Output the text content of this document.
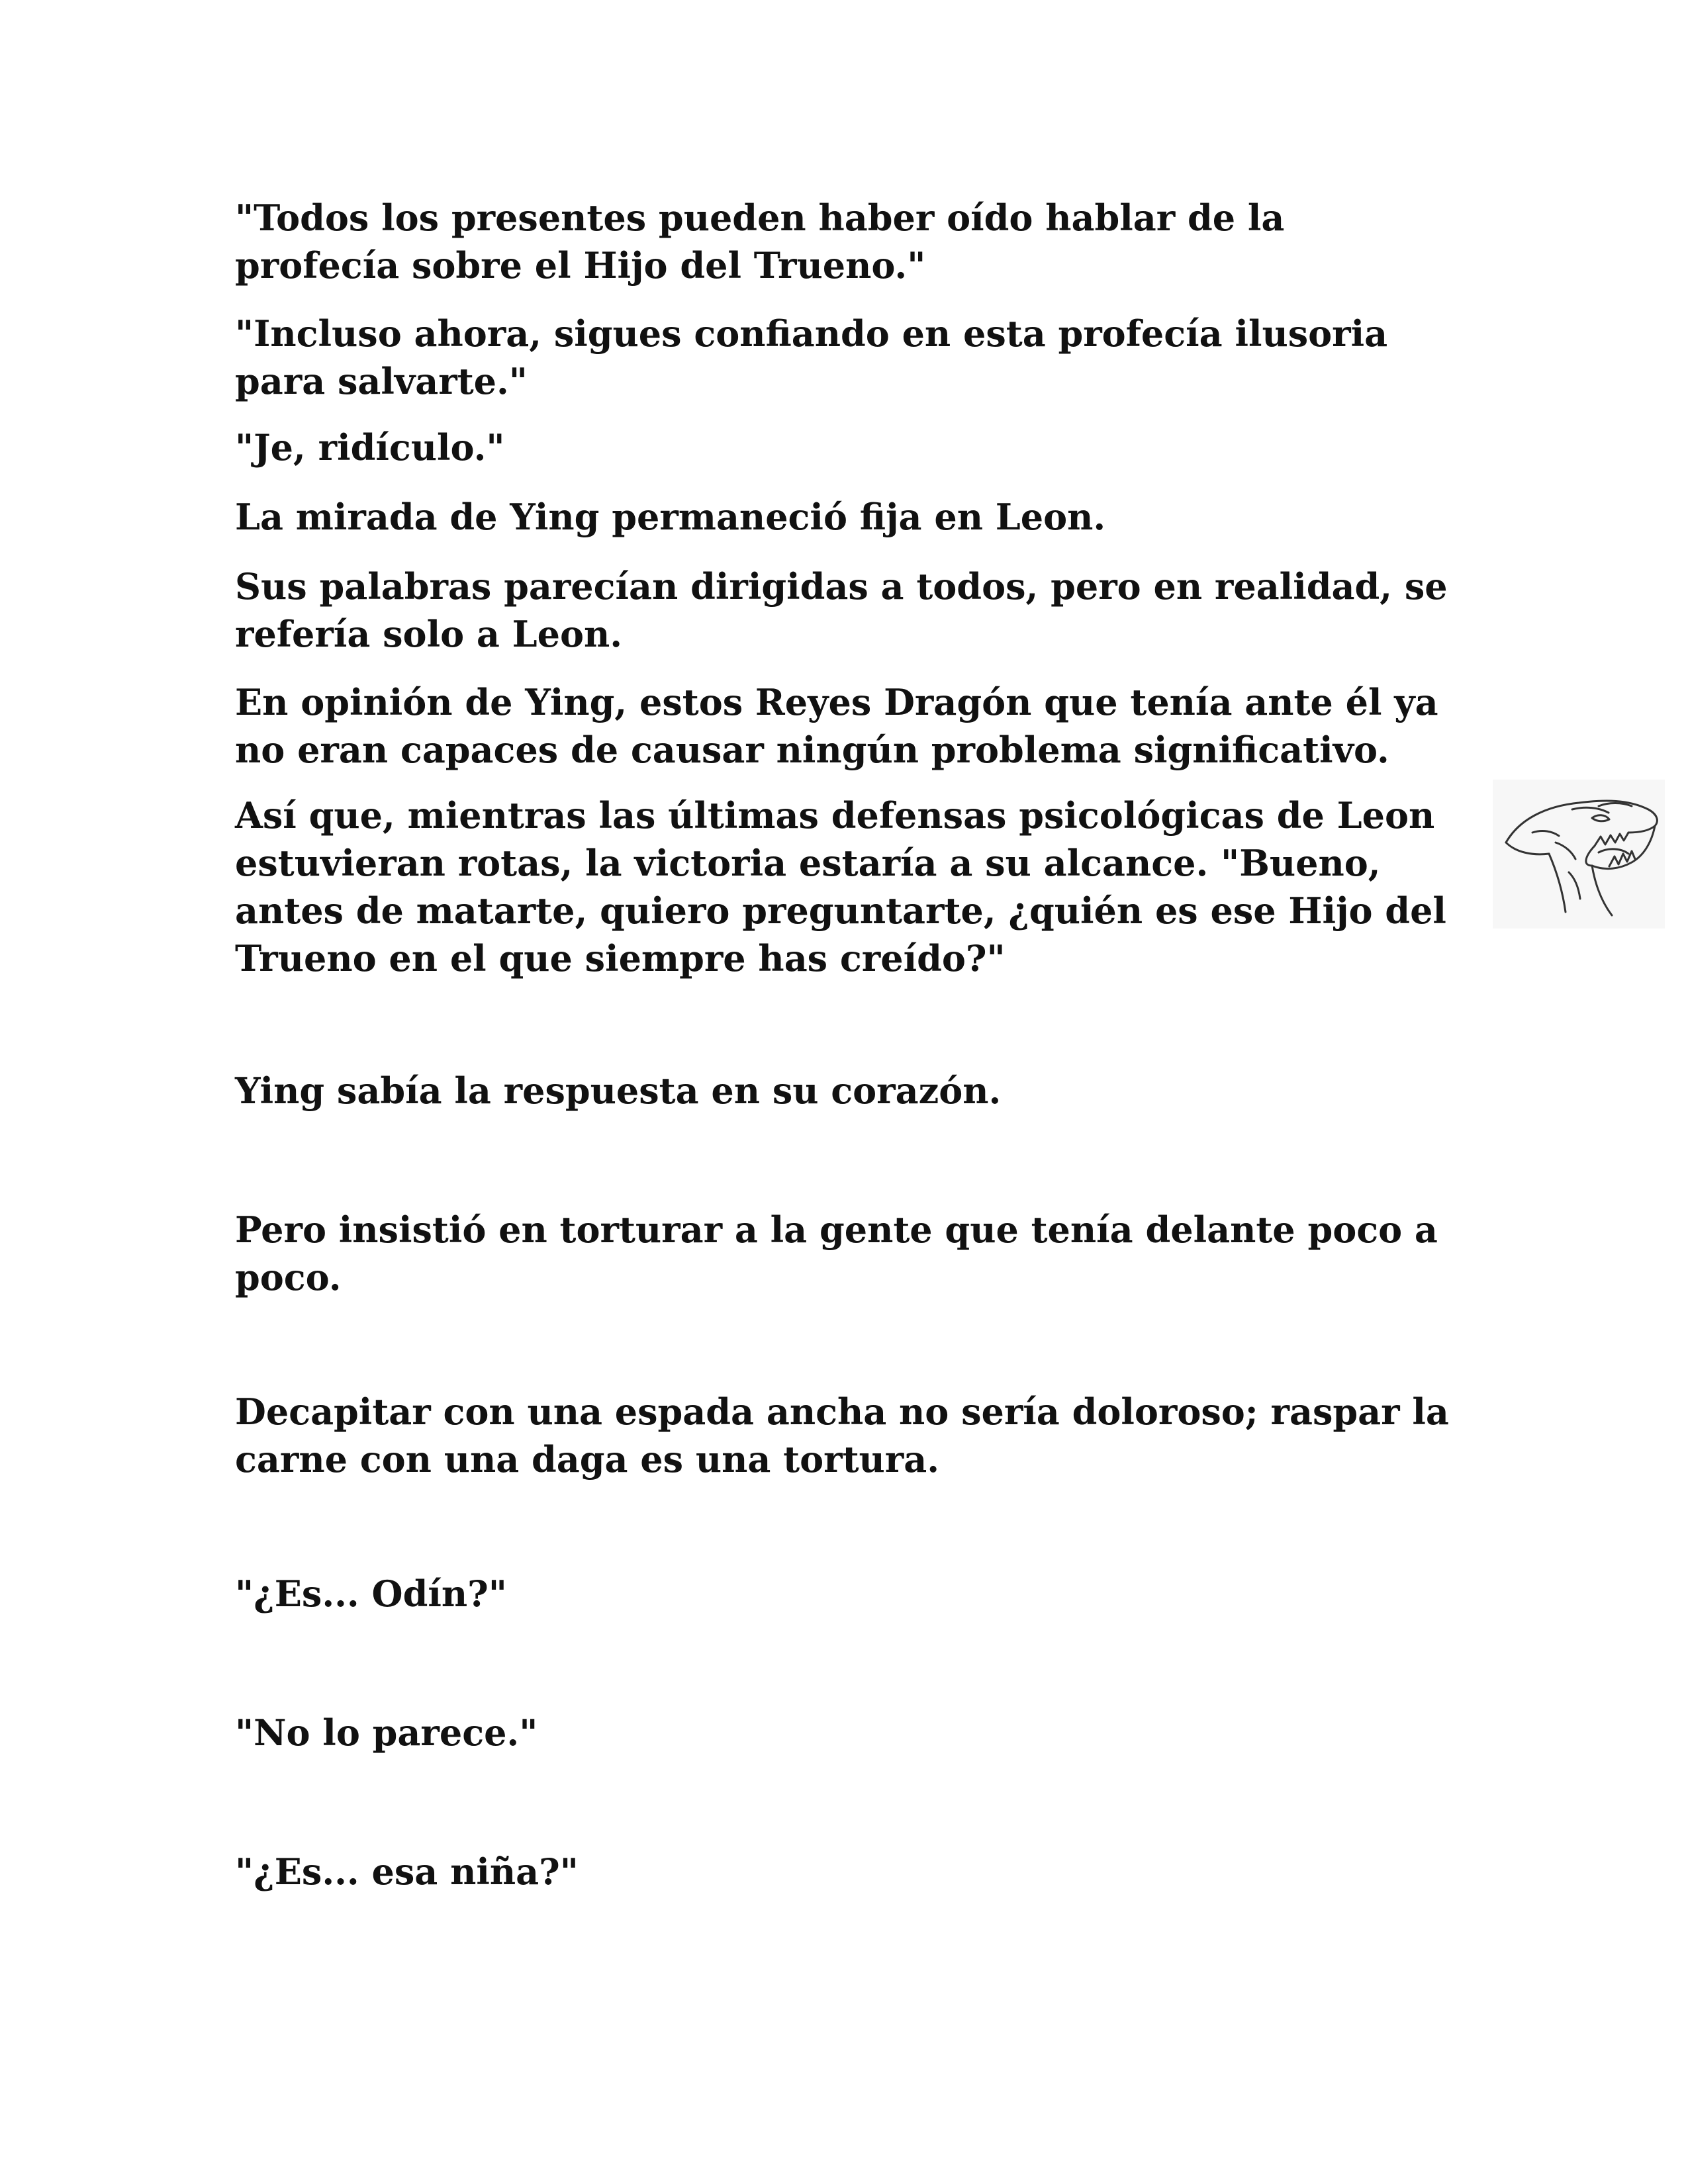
"Todos los presentes pueden haber oído hablar de la profecía sobre el Hijo del Trueno."

"Incluso ahora, sigues confiando en esta profecía ilusoria para salvarte."

"Je, ridículo."

La mirada de Ying permaneció fija en Leon.

Sus palabras parecían dirigidas a todos, pero en realidad, se refería solo a Leon.

En opinión de Ying, estos Reyes Dragón que tenía ante él ya no eran capaces de causar ningún problema significativo.

Así que, mientras las últimas defensas psicológicas de Leon estuvieran rotas, la victoria estaría a su alcance. "Bueno, antes de matarte, quiero preguntarte, ¿quién es ese Hijo del Trueno en el que siempre has creído?"

Ying sabía la respuesta en su corazón.

Pero insistió en torturar a la gente que tenía delante poco a poco.

Decapitar con una espada ancha no sería doloroso; raspar la carne con una daga es una tortura.

"¿Es... Odín?"

"No lo parece."

"¿Es... esa niña?"
